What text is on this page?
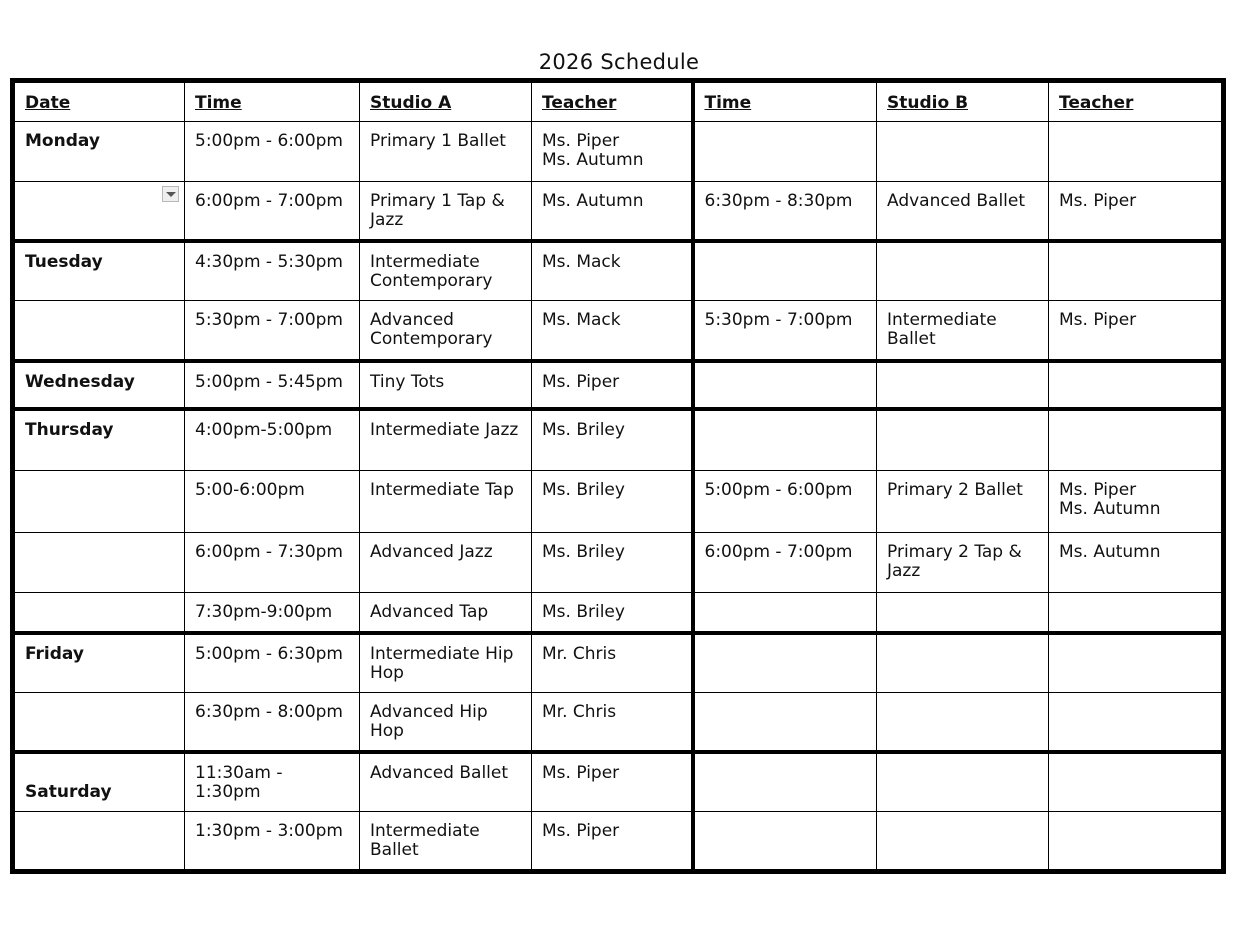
2026 Schedule
Date	Time	Studio A	Teacher	Time	Studio B	Teacher
Monday	5:00pm - 6:00pm	Primary 1 Ballet	Ms. Piper
Ms. Autumn			
	6:00pm - 7:00pm	Primary 1 Tap & Jazz	Ms. Autumn	6:30pm - 8:30pm	Advanced Ballet	Ms. Piper
Tuesday	4:30pm - 5:30pm	Intermediate Contemporary	Ms. Mack			
	5:30pm - 7:00pm	Advanced Contemporary	Ms. Mack	5:30pm - 7:00pm	Intermediate Ballet	Ms. Piper
Wednesday	5:00pm - 5:45pm	Tiny Tots	Ms. Piper			
Thursday	4:00pm-5:00pm	Intermediate Jazz	Ms. Briley			
	5:00-6:00pm	Intermediate Tap	Ms. Briley	5:00pm - 6:00pm	Primary 2 Ballet	Ms. Piper
Ms. Autumn
	6:00pm - 7:30pm	Advanced Jazz	Ms. Briley	6:00pm - 7:00pm	Primary 2 Tap & Jazz	Ms. Autumn
	7:30pm-9:00pm	Advanced Tap	Ms. Briley			
Friday	5:00pm - 6:30pm	Intermediate Hip Hop	Mr. Chris			
	6:30pm - 8:00pm	Advanced Hip Hop	Mr. Chris			
Saturday	11:30am - 1:30pm	Advanced Ballet	Ms. Piper			
	1:30pm - 3:00pm	Intermediate Ballet	Ms. Piper			
